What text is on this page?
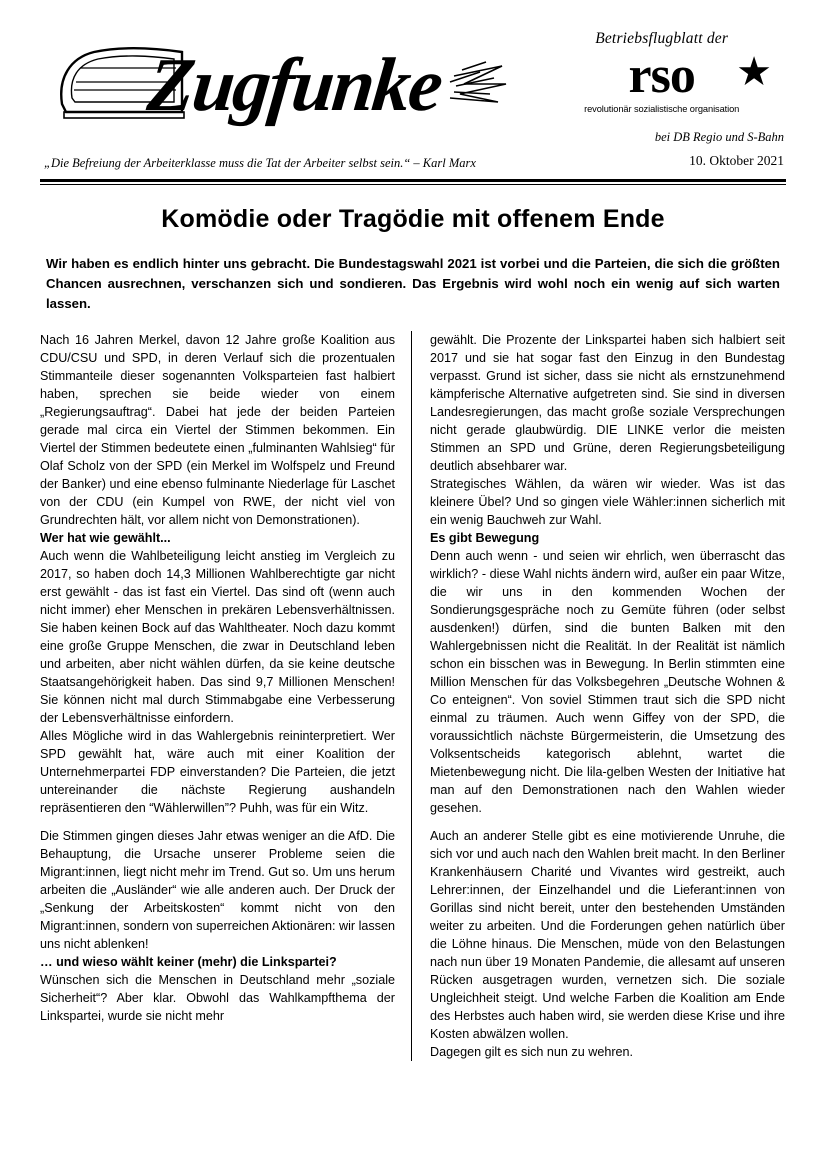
Zugfunke
Betriebsflugblatt der
rso ★
revolutionär sozialistische organisation
bei DB Regio und S-Bahn
10. Oktober 2021
„Die Befreiung der Arbeiterklasse muss die Tat der Arbeiter selbst sein.“ – Karl Marx
Komödie oder Tragödie mit offenem Ende
Wir haben es endlich hinter uns gebracht. Die Bundestagswahl 2021 ist vorbei und die Parteien, die sich die größten Chancen ausrechnen, verschanzen sich und sondieren. Das Ergebnis wird wohl noch ein wenig auf sich warten lassen.

Nach 16 Jahren Merkel, davon 12 Jahre große Koalition aus CDU/CSU und SPD, in deren Verlauf sich die prozentualen Stimmanteile dieser sogenannten Volksparteien fast halbiert haben, sprechen sie beide wieder von einem „Regierungsauftrag“. Dabei hat jede der beiden Parteien gerade mal circa ein Viertel der Stimmen bekommen. Ein Viertel der Stimmen bedeutete einen „fulminanten Wahlsieg“ für Olaf Scholz von der SPD (ein Merkel im Wolfspelz und Freund der Banker) und eine ebenso fulminante Niederlage für Laschet von der CDU (ein Kumpel von RWE, der nicht viel von Grundrechten hält, vor allem nicht von Demonstrationen).

Wer hat wie gewählt...

Auch wenn die Wahlbeteiligung leicht anstieg im Vergleich zu 2017, so haben doch 14,3 Millionen Wahlberechtigte gar nicht erst gewählt - das ist fast ein Viertel. Das sind oft (wenn auch nicht immer) eher Menschen in prekären Lebensverhältnissen. Sie haben keinen Bock auf das Wahltheater. Noch dazu kommt eine große Gruppe Menschen, die zwar in Deutschland leben und arbeiten, aber nicht wählen dürfen, da sie keine deutsche Staatsangehörigkeit haben. Das sind 9,7 Millionen Menschen! Sie können nicht mal durch Stimmabgabe eine Verbesserung der Lebensverhältnisse einfordern.

Alles Mögliche wird in das Wahlergebnis reininterpretiert. Wer SPD gewählt hat, wäre auch mit einer Koalition der Unternehmerpartei FDP einverstanden? Die Parteien, die jetzt untereinander die nächste Regierung aushandeln repräsentieren den “Wählerwillen”? Puhh, was für ein Witz.

Die Stimmen gingen dieses Jahr etwas weniger an die AfD. Die Behauptung, die Ursache unserer Probleme seien die Migrant:innen, liegt nicht mehr im Trend. Gut so. Um uns herum arbeiten die „Ausländer“ wie alle anderen auch. Der Druck der „Senkung der Arbeitskosten“ kommt nicht von den Migrant:innen, sondern von superreichen Aktionären: wir lassen uns nicht ablenken!

… und wieso wählt keiner (mehr) die Linkspartei?

Wünschen sich die Menschen in Deutschland mehr „soziale Sicherheit“? Aber klar. Obwohl das Wahlkampfthema der Linkspartei, wurde sie nicht mehr

gewählt. Die Prozente der Linkspartei haben sich halbiert seit 2017 und sie hat sogar fast den Einzug in den Bundestag verpasst. Grund ist sicher, dass sie nicht als ernstzunehmend kämpferische Alternative aufgetreten sind. Sie sind in diversen Landesregierungen, das macht große soziale Versprechungen nicht gerade glaubwürdig. DIE LINKE verlor die meisten Stimmen an SPD und Grüne, deren Regierungsbeteiligung deutlich absehbarer war.

Strategisches Wählen, da wären wir wieder. Was ist das kleinere Übel? Und so gingen viele Wähler:innen sicherlich mit ein wenig Bauchweh zur Wahl.

Es gibt Bewegung

Denn auch wenn - und seien wir ehrlich, wen überrascht das wirklich? - diese Wahl nichts ändern wird, außer ein paar Witze, die wir uns in den kommenden Wochen der Sondierungsgespräche noch zu Gemüte führen (oder selbst ausdenken!) dürfen, sind die bunten Balken mit den Wahlergebnissen nicht die Realität. In der Realität ist nämlich schon ein bisschen was in Bewegung. In Berlin stimmten eine Million Menschen für das Volksbegehren „Deutsche Wohnen & Co enteignen“. Von soviel Stimmen traut sich die SPD nicht einmal zu träumen. Auch wenn Giffey von der SPD, die voraussichtlich nächste Bürgermeisterin, die Umsetzung des Volksentscheids kategorisch ablehnt, wartet die Mietenbewegung nicht. Die lila-gelben Westen der Initiative hat man auf den Demonstrationen nach den Wahlen wieder gesehen.

Auch an anderer Stelle gibt es eine motivierende Unruhe, die sich vor und auch nach den Wahlen breit macht. In den Berliner Krankenhäusern Charité und Vivantes wird gestreikt, auch Lehrer:innen, der Einzelhandel und die Lieferant:innen von Gorillas sind nicht bereit, unter den bestehenden Umständen weiter zu arbeiten. Und die Forderungen gehen natürlich über die Löhne hinaus. Die Menschen, müde von den Belastungen nach nun über 19 Monaten Pandemie, die allesamt auf unseren Rücken ausgetragen wurden, vernetzen sich. Die soziale Ungleichheit steigt. Und welche Farben die Koalition am Ende des Herbstes auch haben wird, sie werden diese Krise und ihre Kosten abwälzen wollen.

Dagegen gilt es sich nun zu wehren.
